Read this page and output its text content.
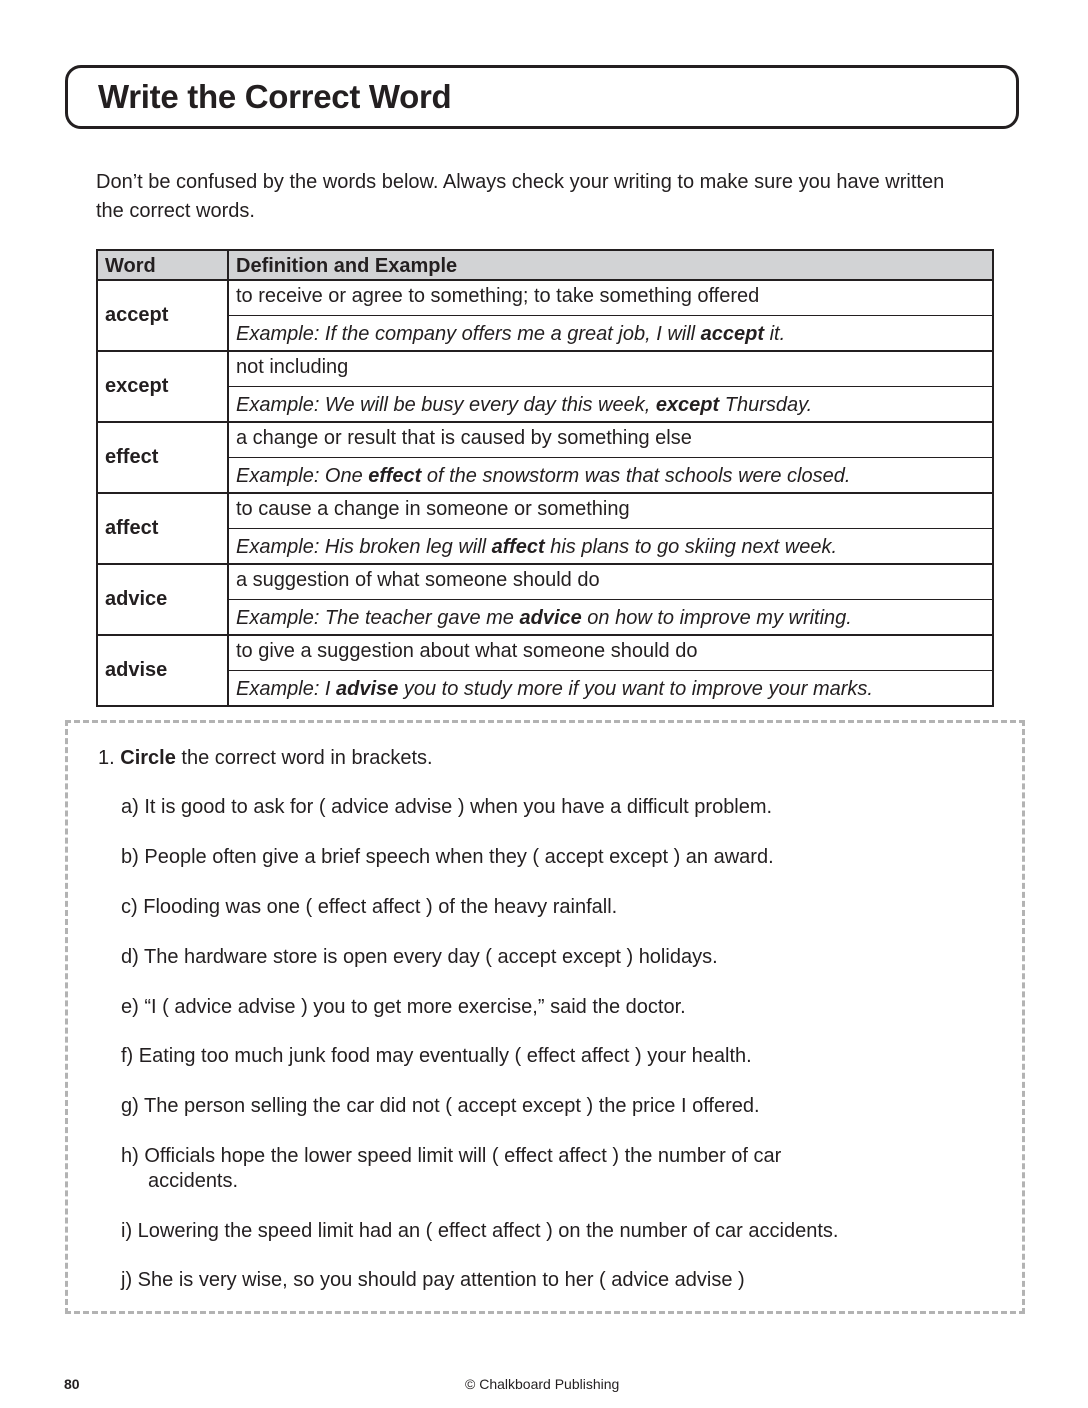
Write the Correct Word
Don’t be confused by the words below. Always check your writing to make sure you have written the correct words.
Word	Definition and Example
accept	to receive or agree to something; to take something offered
Example: If the company offers me a great job, I will accept it.

except	not including
Example: We will be busy every day this week, except Thursday.

effect	a change or result that is caused by something else
Example: One effect of the snowstorm was that schools were closed.

affect	to cause a change in someone or something
Example: His broken leg will affect his plans to go skiing next week.

advice	a suggestion of what someone should do
Example: The teacher gave me advice on how to improve my writing.

advise	to give a suggestion about what someone should do
Example: I advise you to study more if you want to improve your marks.
1. Circle the correct word in brackets.
a) It is good to ask for ( advice advise ) when you have a difficult problem.
b) People often give a brief speech when they ( accept except ) an award.
c) Flooding was one ( effect affect ) of the heavy rainfall.
d) The hardware store is open every day ( accept except ) holidays.
e) “I ( advice advise ) you to get more exercise,” said the doctor.
f) Eating too much junk food may eventually ( effect affect ) your health.
g) The person selling the car did not ( accept except ) the price I offered.
h) Officials hope the lower speed limit will ( effect affect ) the number of car
accidents.
i) Lowering the speed limit had an ( effect affect ) on the number of car accidents.
j) She is very wise, so you should pay attention to her ( advice advise )
80	© Chalkboard Publishing
